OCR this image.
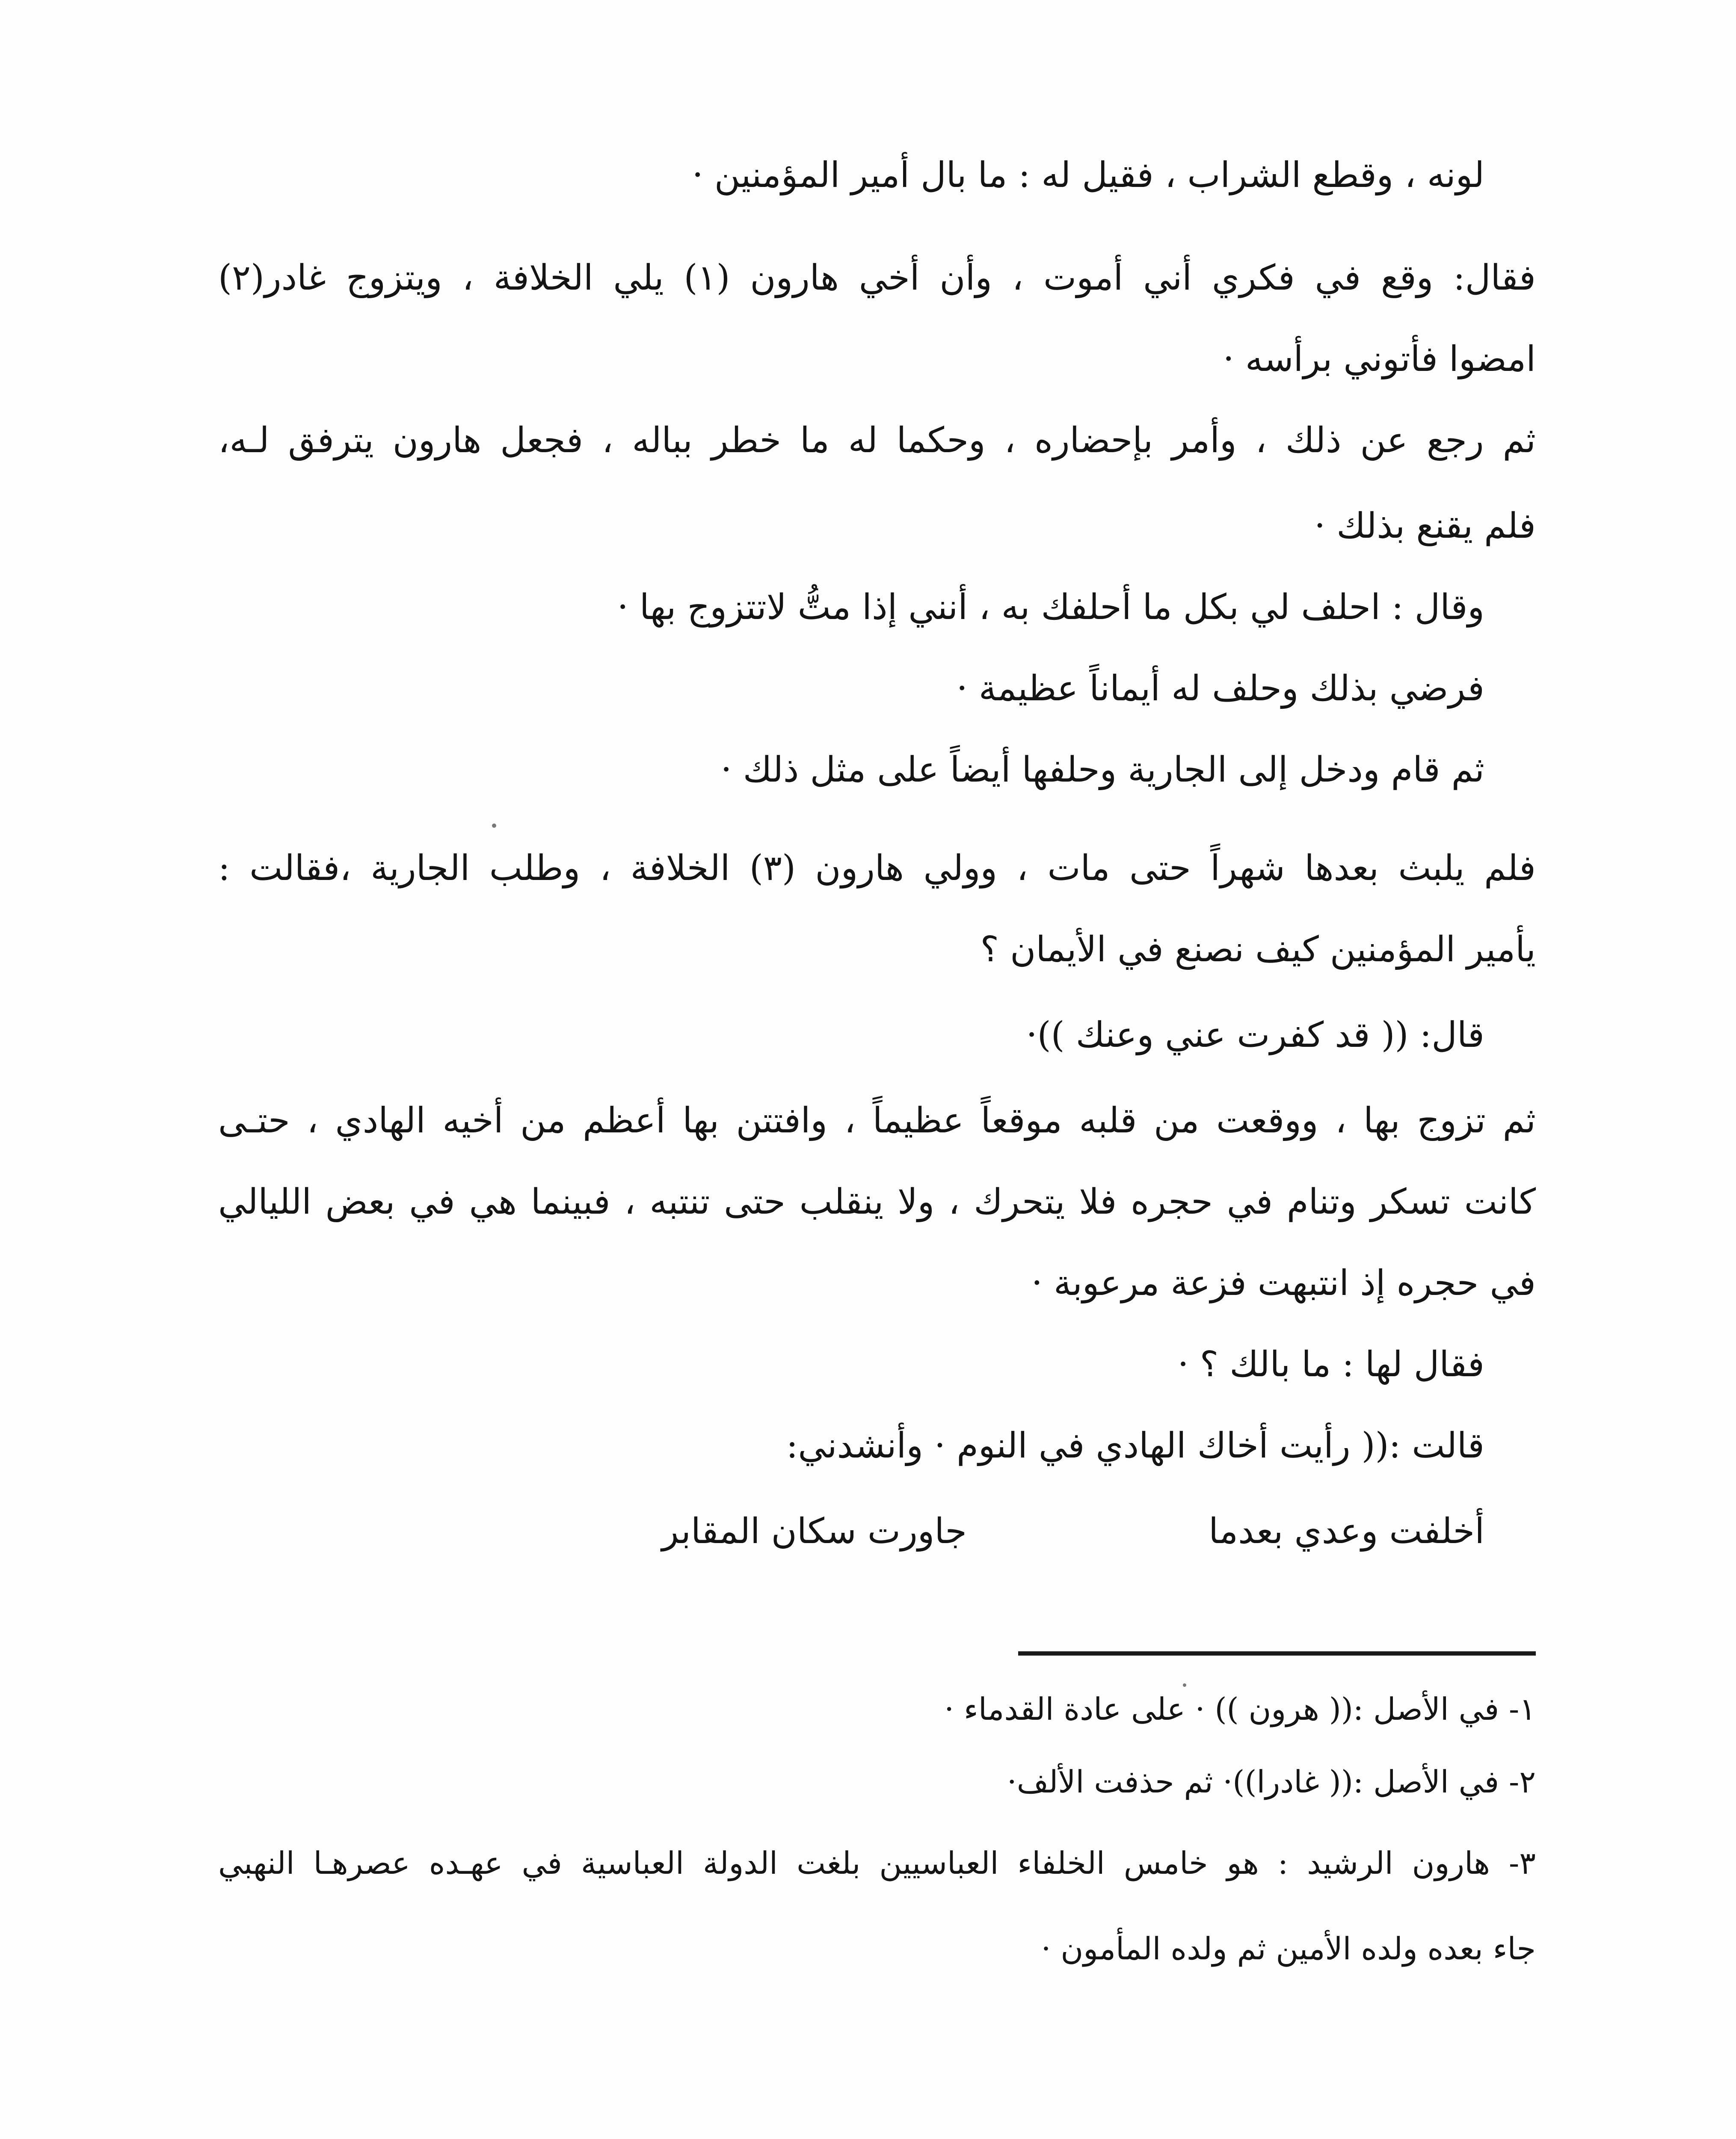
لونه ، وقطع الشراب ، فقيل له : ما بال أمير المؤمنين ·
فقال: وقع في فكري أني أموت ، وأن أخي هارون (١) يلي الخلافة ، ويتزوج غادر(٢)
امضوا فأتوني برأسه ·
ثم رجع عن ذلك ، وأمر بإحضاره ، وحكما له ما خطر بباله ، فجعل هارون يترفق لـه،
فلم يقنع بذلك ·
وقال : احلف لي بكل ما أحلفك به ، أنني إذا متُّ لاتتزوج بها ·
فرضي بذلك وحلف له أيماناً عظيمة ·
ثم قام ودخل إلى الجارية وحلفها أيضاً على مثل ذلك ·
فلم يلبث بعدها شهراً حتى مات ، وولي هارون (٣) الخلافة ، وطلب الجارية ،فقالت :
يأمير المؤمنين كيف نصنع في الأيمان ؟
قال: (( قد كفرت عني وعنك ))·
ثم تزوج بها ، ووقعت من قلبه موقعاً عظيماً ، وافتتن بها أعظم من أخيه الهادي ، حتـى
كانت تسكر وتنام في حجره فلا يتحرك ، ولا ينقلب حتى تنتبه ، فبينما هي في بعض الليالي
في حجره إذ انتبهت فزعة مرعوبة ·
فقال لها : ما بالك ؟ ·
قالت :(( رأيت أخاك الهادي في النوم · وأنشدني:
أخلفت وعدي بعدما
جاورت سكان المقابر
١- في الأصل :(( هرون )) · على عادة القدماء ·
٢- في الأصل :(( غادرا))· ثم حذفت الألف·
٣- هارون الرشيد : هو خامس الخلفاء العباسيين بلغت الدولة العباسية في عهـده عصرهـا النهبي
جاء بعده ولده الأمين ثم ولده المأمون ·
